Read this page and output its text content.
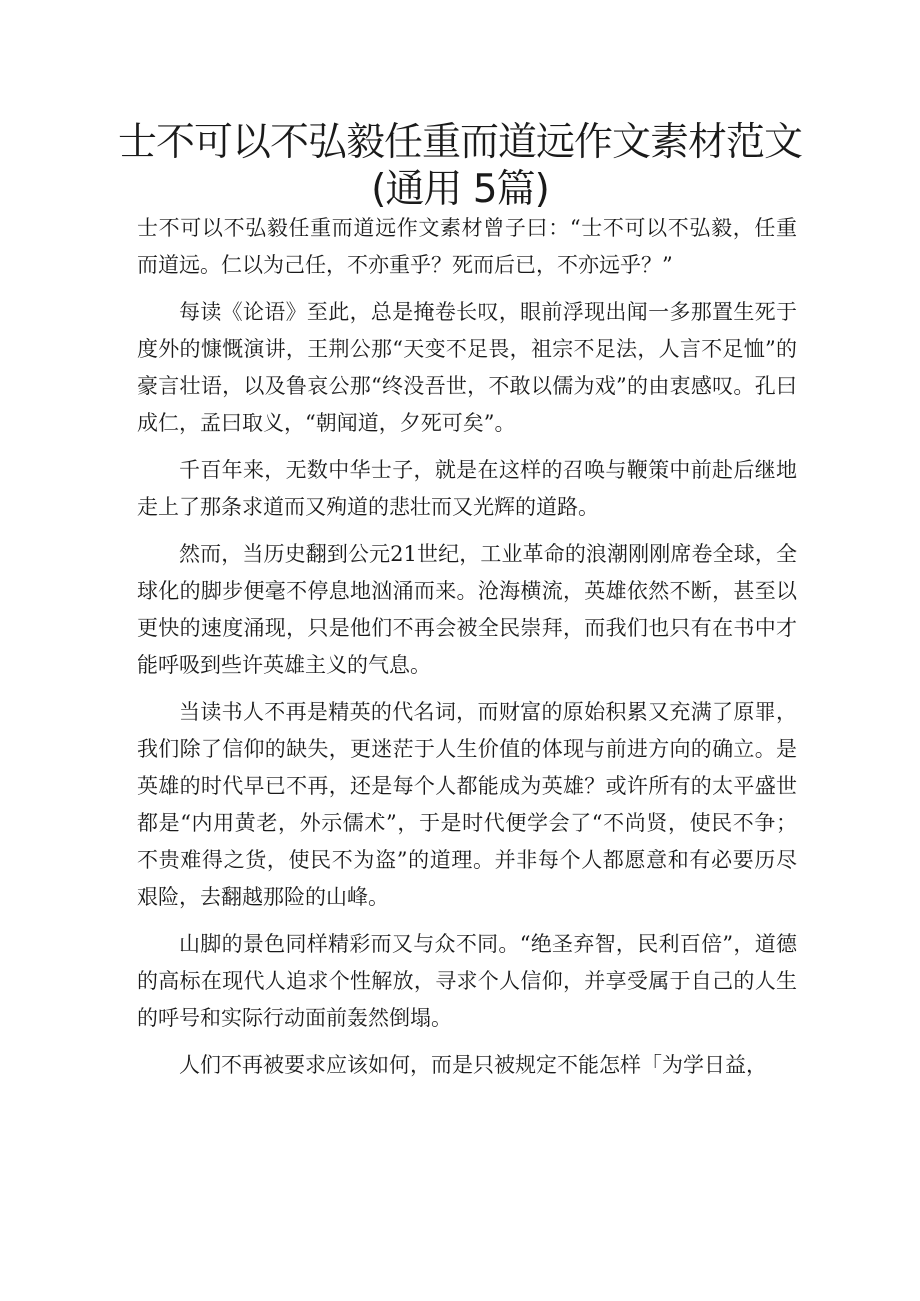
士不可以不弘毅任重而道远作文素材范文
(通用 5篇)

士不可以不弘毅任重而道远作文素材曾子曰：“士不可以不弘毅，任重而道远。仁以为己任，不亦重乎？死而后已，不亦远乎？”

每读《论语》至此，总是掩卷长叹，眼前浮现出闻一多那置生死于度外的慷慨演讲，王荆公那“天变不足畏，祖宗不足法，人言不足恤”的豪言壮语，以及鲁哀公那“终没吾世，不敢以儒为戏”的由衷感叹。孔曰成仁，孟曰取义，“朝闻道，夕死可矣”。

千百年来，无数中华士子，就是在这样的召唤与鞭策中前赴后继地走上了那条求道而又殉道的悲壮而又光辉的道路。

然而，当历史翻到公元21世纪，工业革命的浪潮刚刚席卷全球，全球化的脚步便毫不停息地汹涌而来。沧海横流，英雄依然不断，甚至以更快的速度涌现，只是他们不再会被全民崇拜，而我们也只有在书中才能呼吸到些许英雄主义的气息。

当读书人不再是精英的代名词，而财富的原始积累又充满了原罪，我们除了信仰的缺失，更迷茫于人生价值的体现与前进方向的确立。是英雄的时代早已不再，还是每个人都能成为英雄？或许所有的太平盛世都是“内用黄老，外示儒术”，于是时代便学会了“不尚贤，使民不争；不贵难得之货，使民不为盗”的道理。并非每个人都愿意和有必要历尽艰险，去翻越那险的山峰。

山脚的景色同样精彩而又与众不同。“绝圣弃智，民利百倍”，道德的高标在现代人追求个性解放，寻求个人信仰，并享受属于自己的人生的呼号和实际行动面前轰然倒塌。

人们不再被要求应该如何，而是只被规定不能怎样「为学日益，
